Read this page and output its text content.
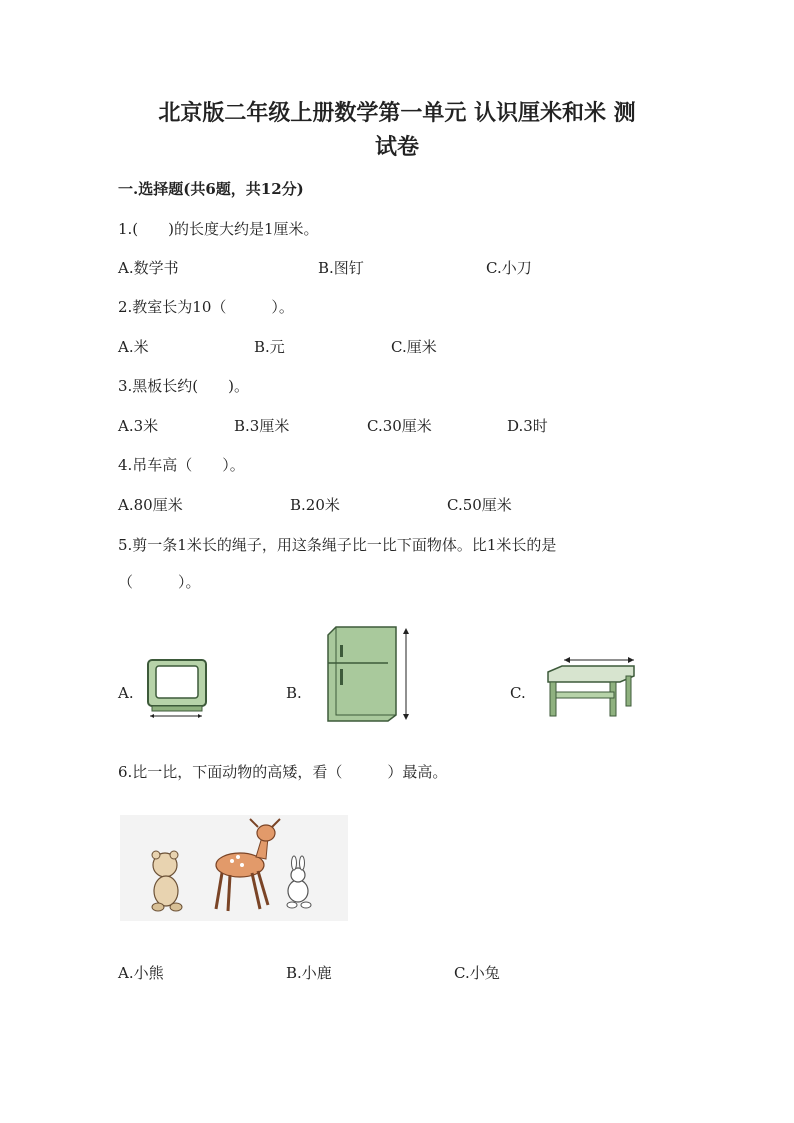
北京版二年级上册数学第一单元 认识厘米和米 测
试卷
一.选择题(共6题，共12分)
1.(　　)的长度大约是1厘米。
A.数学书	B.图钉	C.小刀
2.教室长为10（　　　）。
A.米	B.元	C.厘米
3.黑板长约(　　)。
A.3米	B.3厘米	C.30厘米	D.3时
4.吊车高（　　）。
A.80厘米	B.20米	C.50厘米
5.剪一条1米长的绳子，用这条绳子比一比下面物体。比1米长的是
（　　　）。
A.	B.	C.
6.比一比，下面动物的高矮，看（　　　）最高。
A.小熊	B.小鹿	C.小兔
